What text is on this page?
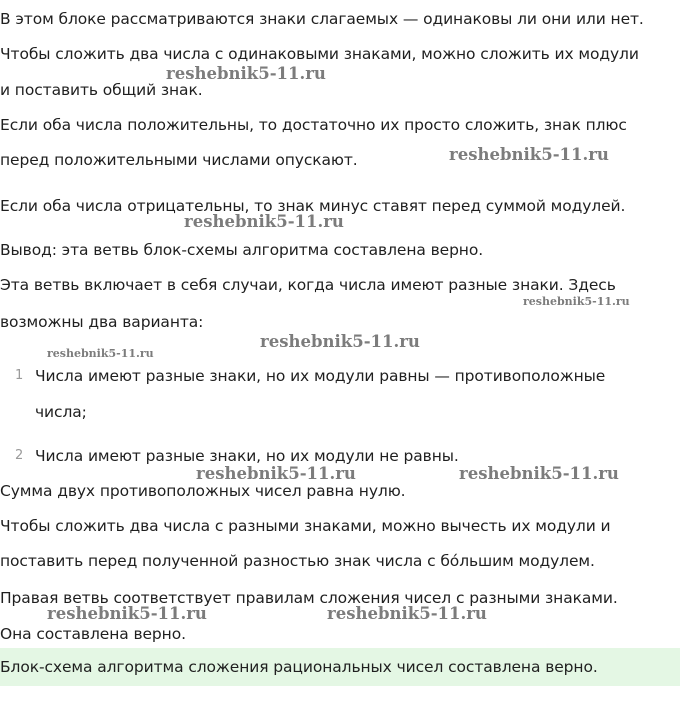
В этом блоке рассматриваются знаки слагаемых — одинаковы ли они или нет.

Чтобы сложить два числа с одинаковыми знаками, можно сложить их модули

и поставить общий знак.

Если оба числа положительны, то достаточно их просто сложить, знак плюс

перед положительными числами опускают.

Если оба числа отрицательны, то знак минус ставят перед суммой модулей.

Вывод: эта ветвь блок-схемы алгоритма составлена верно.

Эта ветвь включает в себя случаи, когда числа имеют разные знаки. Здесь

возможны два варианта:

1 Числа имеют разные знаки, но их модули равны — противоположные
числа;
2 Числа имеют разные знаки, но их модули не равны.

Сумма двух противоположных чисел равна нулю.

Чтобы сложить два числа с разными знаками, можно вычесть их модули и

поставить перед полученной разностью знак числа с бо́льшим модулем.

Правая ветвь соответствует правилам сложения чисел с разными знаками.

Она составлена верно.

Блок-схема алгоритма сложения рациональных чисел составлена верно.
reshebnik5-11.ru
reshebnik5-11.ru
reshebnik5-11.ru
reshebnik5-11.ru
reshebnik5-11.ru
reshebnik5-11.ru
reshebnik5-11.ru	reshebnik5-11.ru
reshebnik5-11.ru	reshebnik5-11.ru
